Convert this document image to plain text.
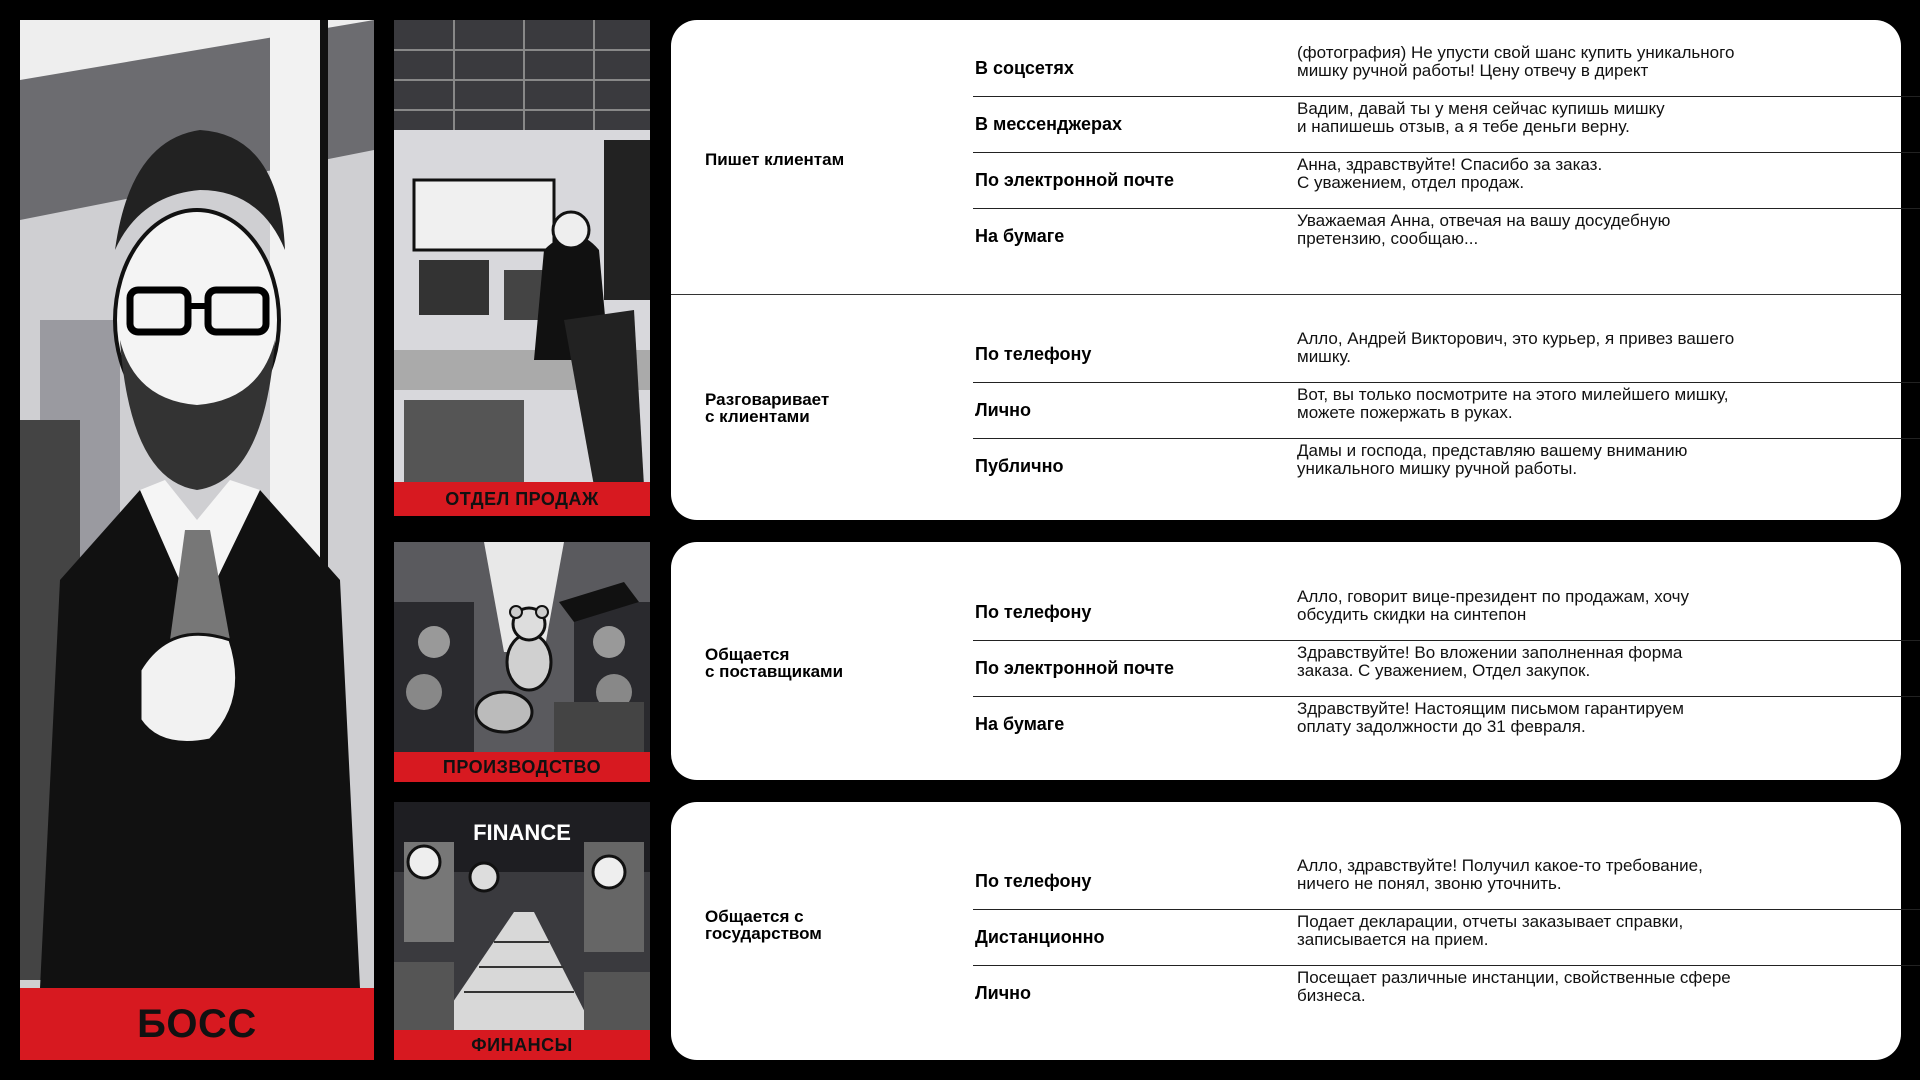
БОСС
ОТДЕЛ ПРОДАЖ
ПРОИЗВОДСТВО
FINANCE
ФИНАНСЫ
Пишет клиентам
В соцсетях
(фотография) Не упусти свой шанс купить уникального
мишку ручной работы! Цену отвечу в директ
В мессенджерах
Вадим, давай ты у меня сейчас купишь мишку
и напишешь отзыв, а я тебе деньги верну.
По электронной почте
Анна, здравствуйте! Спасибо за заказ.
С уважением, отдел продаж.
На бумаге
Уважаемая Анна, отвечая на вашу досудебную
претензию, сообщаю...
Разговаривает
с клиентами
По телефону
Алло, Андрей Викторович, это курьер, я привез вашего
мишку.
Лично
Вот, вы только посмотрите на этого милейшего мишку,
можете пожержать в руках.
Публично
Дамы и господа, представляю вашему вниманию
уникального мишку ручной работы.
Общается
с поставщиками
По телефону
Алло, говорит вице-президент по продажам, хочу
обсудить скидки на синтепон
По электронной почте
Здравствуйте! Во вложении заполненная форма
заказа. С уважением, Отдел закупок.
На бумаге
Здравствуйте! Настоящим письмом гарантируем
оплату задолжности до 31 февраля.
Общается с
государством
По телефону
Алло, здравствуйте! Получил какое-то требование,
ничего не понял, звоню уточнить.
Дистанционно
Подает декларации, отчеты заказывает справки,
записывается на прием.
Лично
Посещает различные инстанции, свойственные сфере
бизнеса.
